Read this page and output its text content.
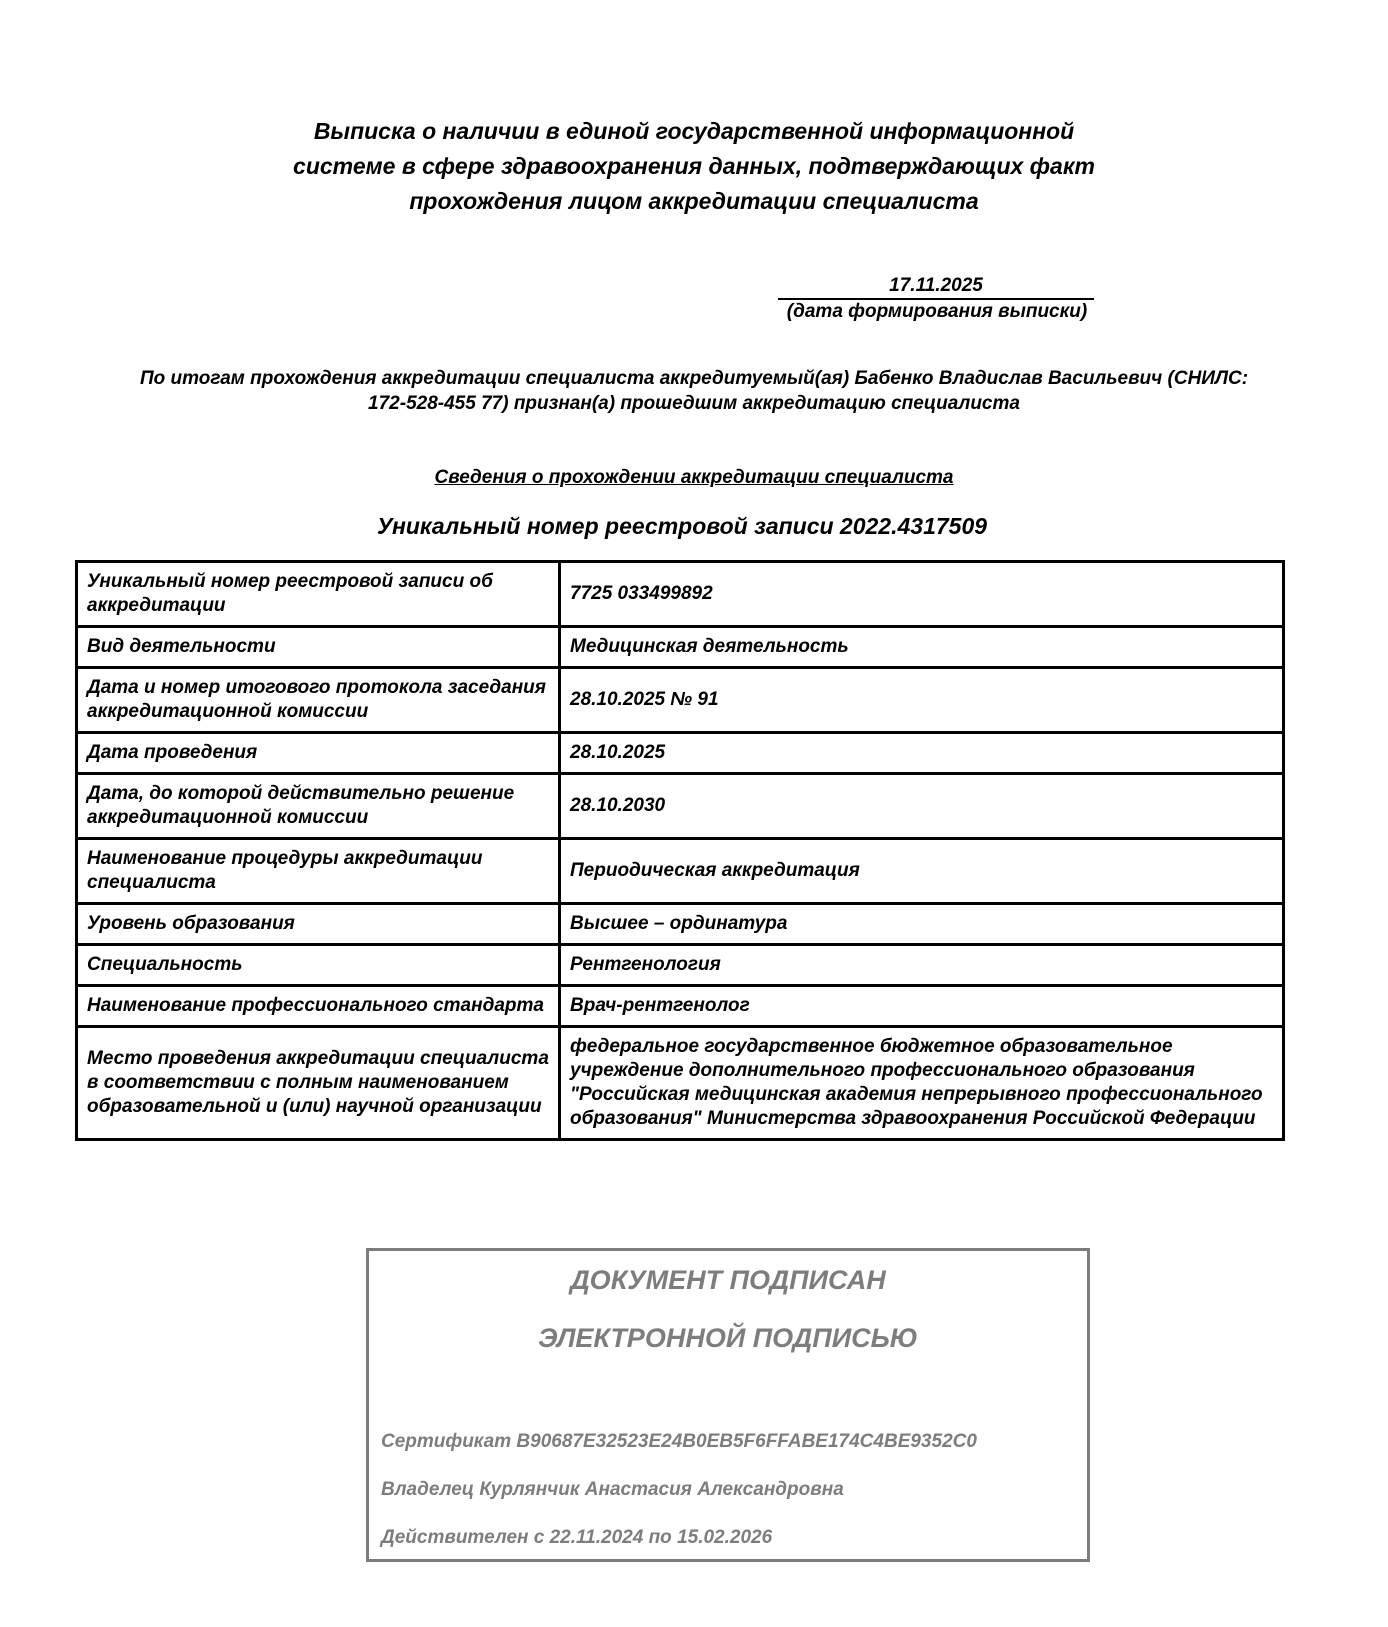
Выписка о наличии в единой государственной информационной
системе в сфере здравоохранения данных, подтверждающих факт
прохождения лицом аккредитации специалиста
17.11.2025
(дата формирования выписки)
По итогам прохождения аккредитации специалиста аккредитуемый(ая) Бабенко Владислав Васильевич (СНИЛС:
172-528-455 77) признан(а) прошедшим аккредитацию специалиста
Сведения о прохождении аккредитации специалиста
Уникальный номер реестровой записи 2022.4317509
Уникальный номер реестровой записи об аккредитации	7725 033499892
Вид деятельности	Медицинская деятельность
Дата и номер итогового протокола заседания аккредитационной комиссии	28.10.2025 № 91
Дата проведения	28.10.2025
Дата, до которой действительно решение аккредитационной комиссии	28.10.2030
Наименование процедуры аккредитации специалиста	Периодическая аккредитация
Уровень образования	Высшее – ординатура
Специальность	Рентгенология
Наименование профессионального стандарта	Врач-рентгенолог
Место проведения аккредитации специалиста в соответствии с полным наименованием образовательной и (или) научной организации	федеральное государственное бюджетное образовательное учреждение дополнительного профессионального образования "Российская медицинская академия непрерывного профессионального образования" Министерства здравоохранения Российской Федерации
ДОКУМЕНТ ПОДПИСАН
ЭЛЕКТРОННОЙ ПОДПИСЬЮ
Сертификат B90687E32523E24B0EB5F6FFABE174C4BE9352C0
Владелец Курлянчик Анастасия Александровна
Действителен с 22.11.2024 по 15.02.2026
